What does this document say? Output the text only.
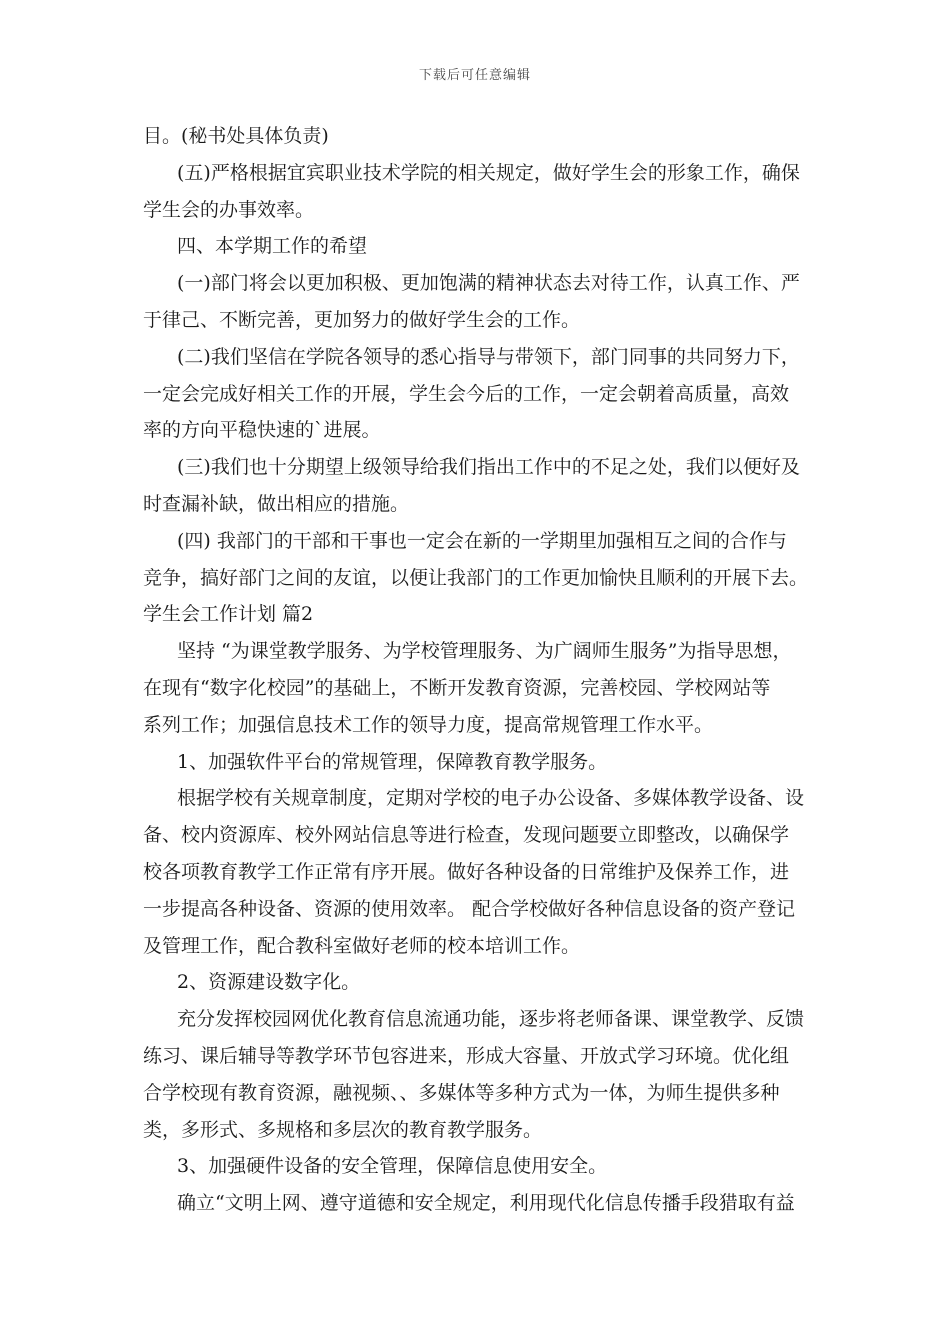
下载后可任意编辑
目。(秘书处具体负责)
(五)严格根据宜宾职业技术学院的相关规定，做好学生会的形象工作，确保
学生会的办事效率。
四、本学期工作的希望
(一)部门将会以更加积极、更加饱满的精神状态去对待工作，认真工作、严
于律己、不断完善，更加努力的做好学生会的工作。
(二)我们坚信在学院各领导的悉心指导与带领下，部门同事的共同努力下，
一定会完成好相关工作的开展，学生会今后的工作，一定会朝着高质量，高效
率的方向平稳快速的`进展。
(三)我们也十分期望上级领导给我们指出工作中的不足之处，我们以便好及
时查漏补缺，做出相应的措施。
(四) 我部门的干部和干事也一定会在新的一学期里加强相互之间的合作与
竞争，搞好部门之间的友谊，以便让我部门的工作更加愉快且顺利的开展下去。
学生会工作计划 篇2
坚持 “为课堂教学服务、为学校管理服务、为广阔师生服务”为指导思想，
在现有“数字化校园”的基础上，不断开发教育资源，完善校园、学校网站等
系列工作；加强信息技术工作的领导力度，提高常规管理工作水平。
1、加强软件平台的常规管理，保障教育教学服务。
根据学校有关规章制度，定期对学校的电子办公设备、多媒体教学设备、设
备、校内资源库、校外网站信息等进行检查，发现问题要立即整改，以确保学
校各项教育教学工作正常有序开展。做好各种设备的日常维护及保养工作，进
一步提高各种设备、资源的使用效率。 配合学校做好各种信息设备的资产登记
及管理工作，配合教科室做好老师的校本培训工作。
2、资源建设数字化。
充分发挥校园网优化教育信息流通功能，逐步将老师备课、课堂教学、反馈
练习、课后辅导等教学环节包容进来，形成大容量、开放式学习环境。优化组
合学校现有教育资源，融视频、、多媒体等多种方式为一体，为师生提供多种
类，多形式、多规格和多层次的教育教学服务。
3、加强硬件设备的安全管理，保障信息使用安全。
确立“文明上网、遵守道德和安全规定，利用现代化信息传播手段猎取有益
